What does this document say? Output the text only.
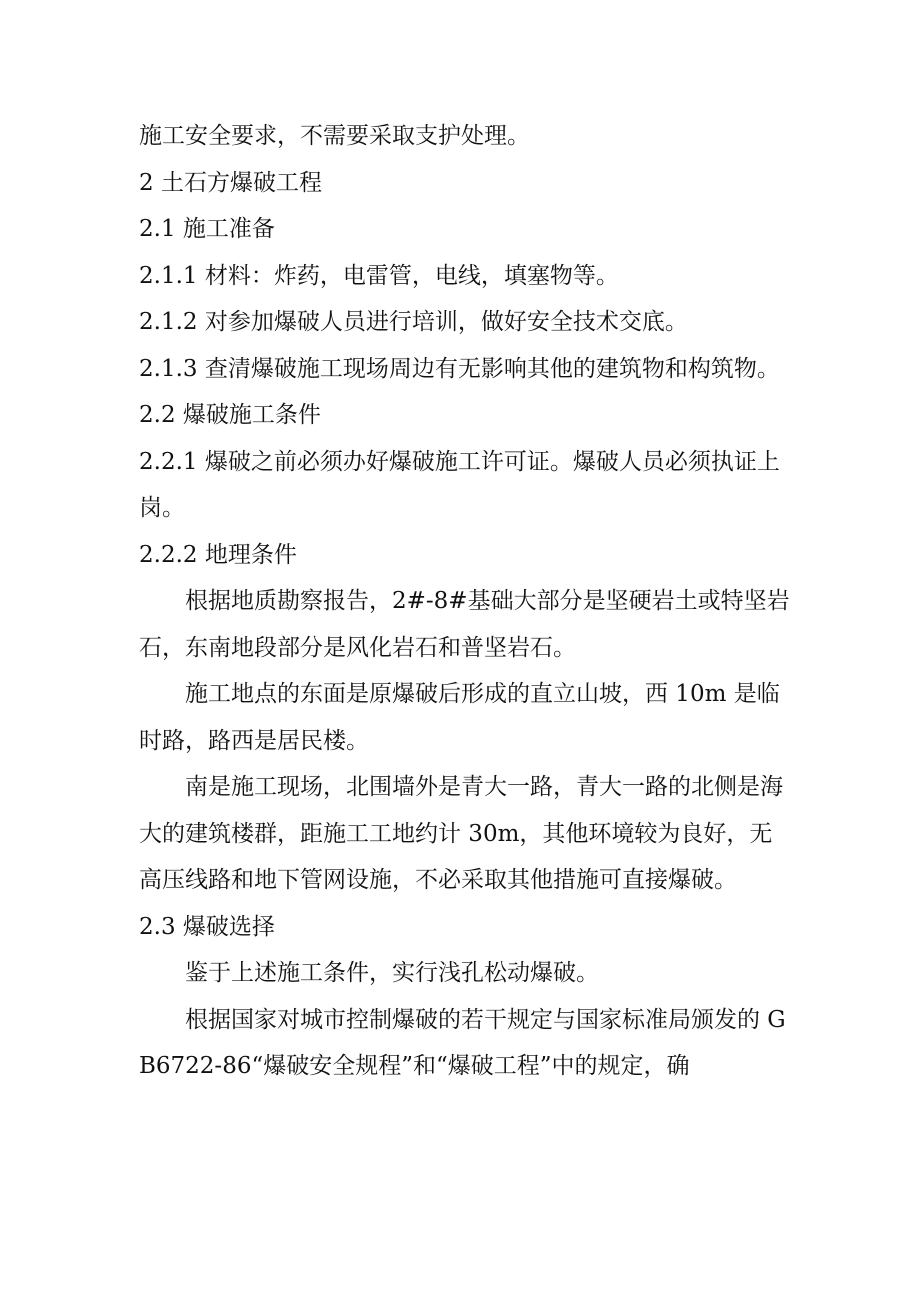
施工安全要求，不需要采取支护处理。

2 土石方爆破工程

2.1 施工准备

2.1.1 材料：炸药，电雷管，电线，填塞物等。

2.1.2 对参加爆破人员进行培训，做好安全技术交底。

2.1.3 查清爆破施工现场周边有无影响其他的建筑物和构筑物。

2.2 爆破施工条件

2.2.1 爆破之前必须办好爆破施工许可证。爆破人员必须执证上岗。

2.2.2 地理条件

根据地质勘察报告，2#-8#基础大部分是坚硬岩土或特坚岩石，东南地段部分是风化岩石和普坚岩石。

施工地点的东面是原爆破后形成的直立山坡，西 10m 是临时路，路西是居民楼。

南是施工现场，北围墙外是青大一路，青大一路的北侧是海大的建筑楼群，距施工工地约计 30m，其他环境较为良好，无高压线路和地下管网设施，不必采取其他措施可直接爆破。

2.3 爆破选择

鉴于上述施工条件，实行浅孔松动爆破。

根据国家对城市控制爆破的若干规定与国家标准局颁发的 GB6722-86“爆破安全规程”和“爆破工程”中的规定，确
